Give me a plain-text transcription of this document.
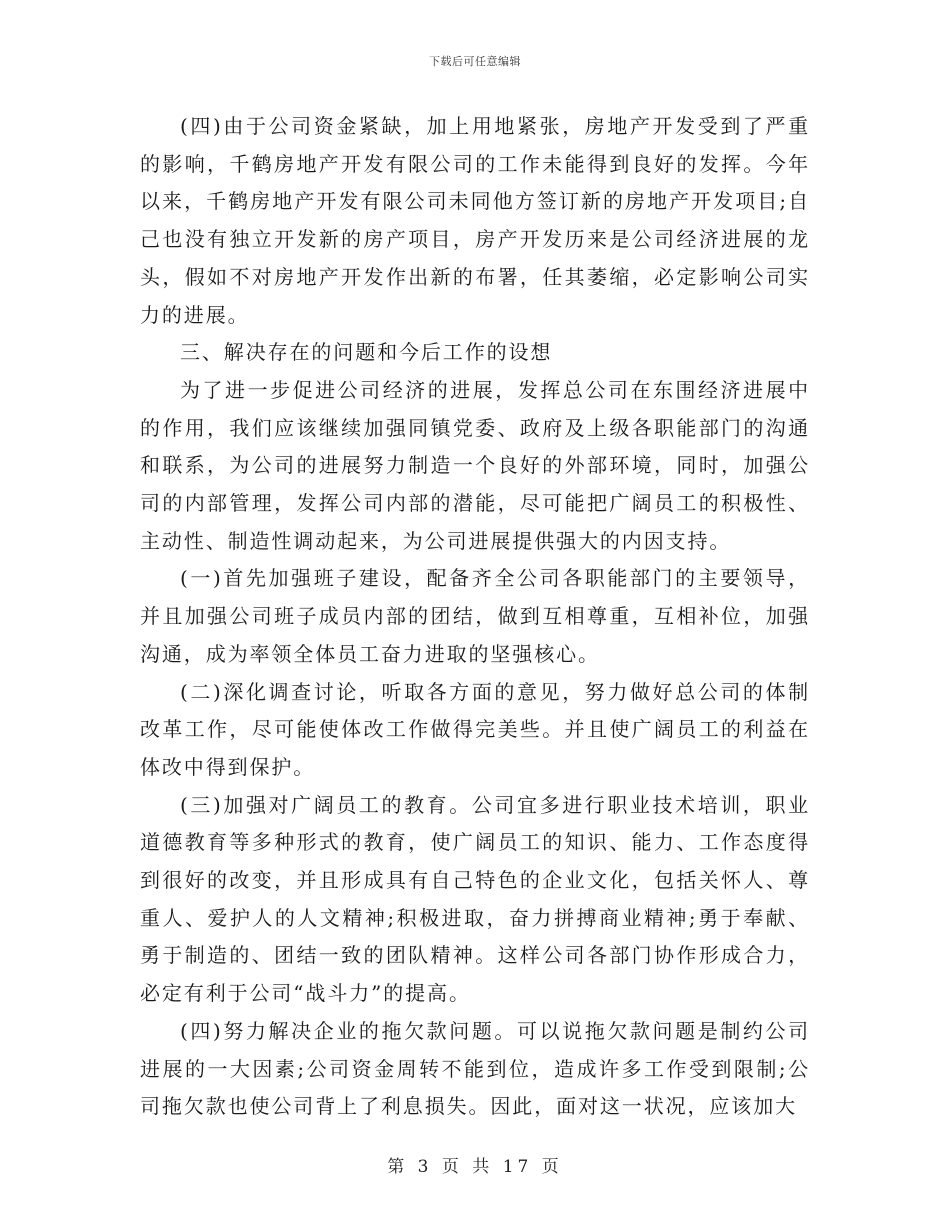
下载后可任意编辑

(四)由于公司资金紧缺，加上用地紧张，房地产开发受到了严重的影响，千鹤房地产开发有限公司的工作未能得到良好的发挥。今年以来，千鹤房地产开发有限公司未同他方签订新的房地产开发项目;自己也没有独立开发新的房产项目，房产开发历来是公司经济进展的龙头，假如不对房地产开发作出新的布署，任其萎缩，必定影响公司实力的进展。

三、解决存在的问题和今后工作的设想

为了进一步促进公司经济的进展，发挥总公司在东围经济进展中的作用，我们应该继续加强同镇党委、政府及上级各职能部门的沟通和联系，为公司的进展努力制造一个良好的外部环境，同时，加强公司的内部管理，发挥公司内部的潜能，尽可能把广阔员工的积极性、主动性、制造性调动起来，为公司进展提供强大的内因支持。

(一)首先加强班子建设，配备齐全公司各职能部门的主要领导，并且加强公司班子成员内部的团结，做到互相尊重，互相补位，加强沟通，成为率领全体员工奋力进取的坚强核心。

(二)深化调查讨论，听取各方面的意见，努力做好总公司的体制改革工作，尽可能使体改工作做得完美些。并且使广阔员工的利益在体改中得到保护。

(三)加强对广阔员工的教育。公司宜多进行职业技术培训，职业道德教育等多种形式的教育，使广阔员工的知识、能力、工作态度得到很好的改变，并且形成具有自己特色的企业文化，包括关怀人、尊重人、爱护人的人文精神;积极进取，奋力拼搏商业精神;勇于奉献、勇于制造的、团结一致的团队精神。这样公司各部门协作形成合力，必定有利于公司“战斗力”的提高。

(四)努力解决企业的拖欠款问题。可以说拖欠款问题是制约公司进展的一大因素;公司资金周转不能到位，造成许多工作受到限制;公司拖欠款也使公司背上了利息损失。因此，面对这一状况，应该加大

第 3 页 共 17 页
